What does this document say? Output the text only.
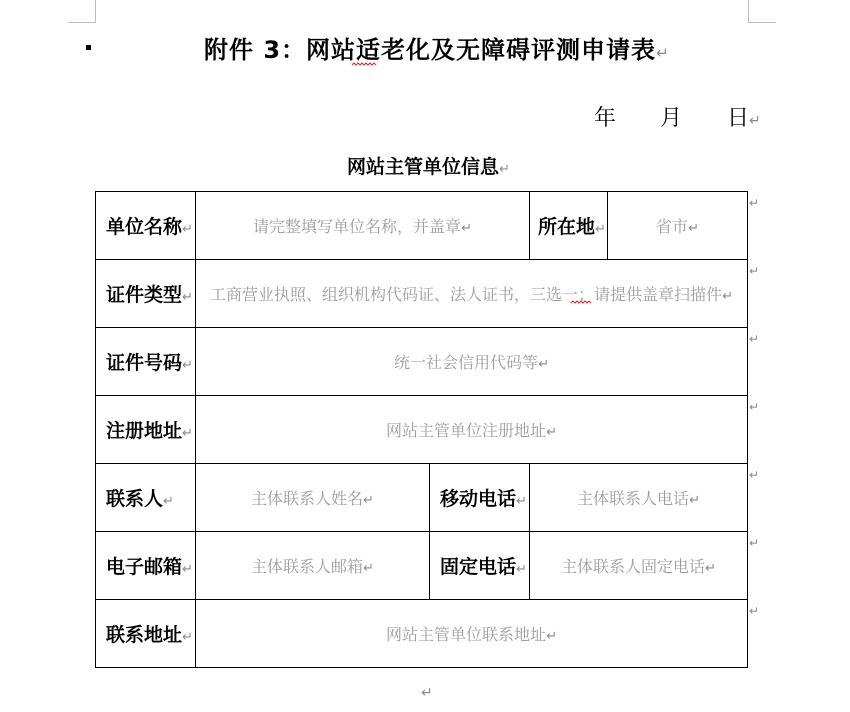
附件 3：网站适老化及无障碍评测申请表↵
年 月 日↵
网站主管单位信息↵
单位名称↵	请完整填写单位名称，并盖章↵		所在地↵	省市↵
证件类型↵	工商营业执照、组织机构代码证、法人证书，三选一；请提供盖章扫描件↵			
证件号码↵	统一社会信用代码等↵			
注册地址↵	网站主管单位注册地址↵			
联系人↵	主体联系人姓名↵	移动电话↵	主体联系人电话↵	
电子邮箱↵	主体联系人邮箱↵	固定电话↵	主体联系人固定电话↵	
联系地址↵	网站主管单位联系地址↵			
↵
↵
↵
↵
↵
↵
↵
↵
